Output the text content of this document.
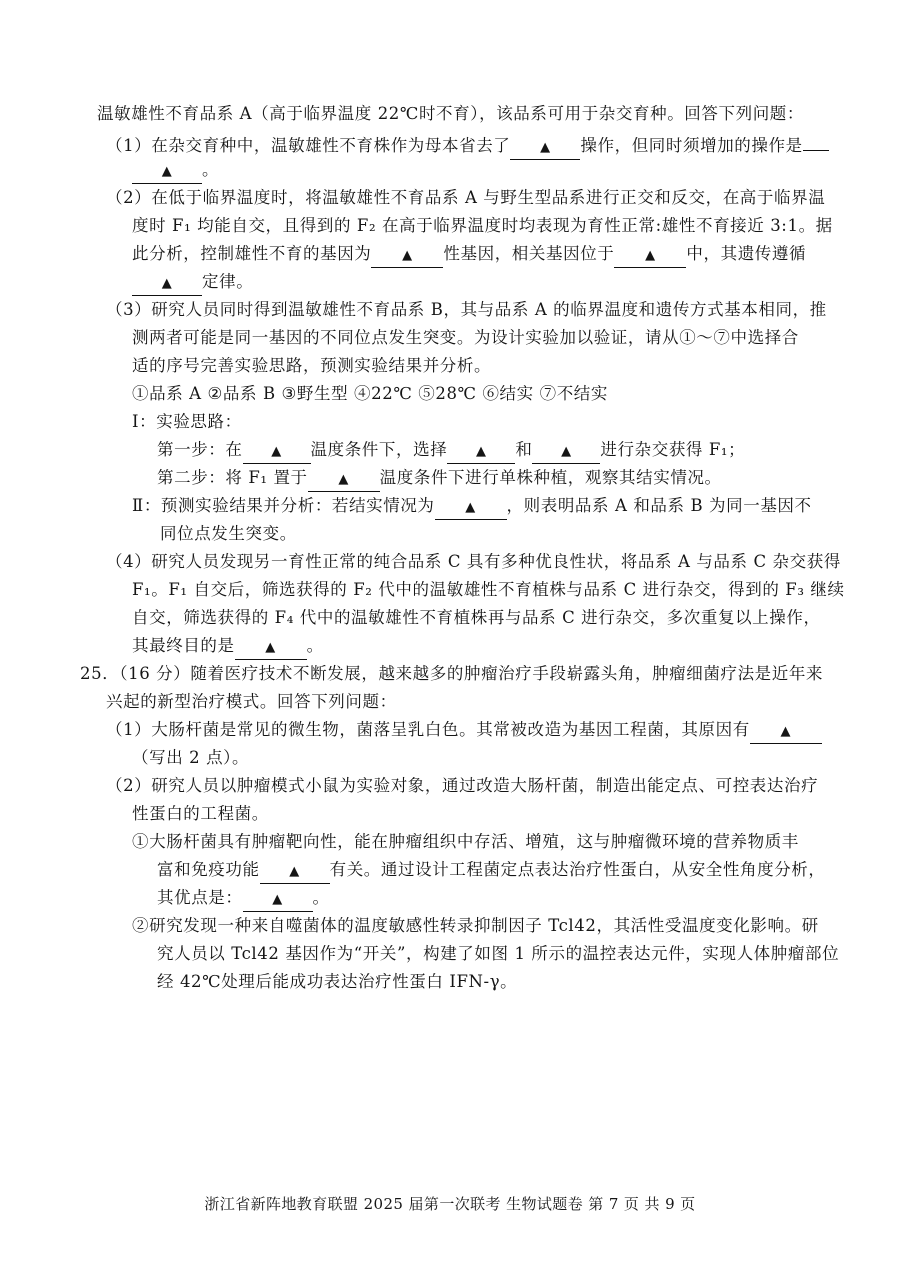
温敏雄性不育品系 A（高于临界温度 22℃时不育），该品系可用于杂交育种。回答下列问题：
（1）在杂交育种中，温敏雄性不育株作为母本省去了 ▲ 操作，但同时须增加的操作是
▲ 。
（2）在低于临界温度时，将温敏雄性不育品系 A 与野生型品系进行正交和反交，在高于临界温
度时 F₁ 均能自交，且得到的 F₂ 在高于临界温度时均表现为育性正常:雄性不育接近 3:1。据
此分析，控制雄性不育的基因为 ▲ 性基因，相关基因位于 ▲ 中，其遗传遵循
▲ 定律。
（3）研究人员同时得到温敏雄性不育品系 B，其与品系 A 的临界温度和遗传方式基本相同，推
测两者可能是同一基因的不同位点发生突变。为设计实验加以验证，请从①～⑦中选择合
适的序号完善实验思路，预测实验结果并分析。
①品系 A ②品系 B ③野生型 ④22℃ ⑤28℃ ⑥结实 ⑦不结实
Ⅰ：实验思路：
第一步：在 ▲ 温度条件下，选择 ▲ 和 ▲ 进行杂交获得 F₁；
第二步：将 F₁ 置于 ▲ 温度条件下进行单株种植，观察其结实情况。
Ⅱ：预测实验结果并分析：若结实情况为 ▲ ，则表明品系 A 和品系 B 为同一基因不
同位点发生突变。
（4）研究人员发现另一育性正常的纯合品系 C 具有多种优良性状，将品系 A 与品系 C 杂交获得
F₁。F₁ 自交后，筛选获得的 F₂ 代中的温敏雄性不育植株与品系 C 进行杂交，得到的 F₃ 继续
自交，筛选获得的 F₄ 代中的温敏雄性不育植株再与品系 C 进行杂交，多次重复以上操作，
其最终目的是 ▲ 。
25．（16 分）随着医疗技术不断发展，越来越多的肿瘤治疗手段崭露头角，肿瘤细菌疗法是近年来
兴起的新型治疗模式。回答下列问题：
（1）大肠杆菌是常见的微生物，菌落呈乳白色。其常被改造为基因工程菌，其原因有 ▲
（写出 2 点）。
（2）研究人员以肿瘤模式小鼠为实验对象，通过改造大肠杆菌，制造出能定点、可控表达治疗
性蛋白的工程菌。
①大肠杆菌具有肿瘤靶向性，能在肿瘤组织中存活、增殖，这与肿瘤微环境的营养物质丰
富和免疫功能 ▲ 有关。通过设计工程菌定点表达治疗性蛋白，从安全性角度分析，
其优点是： ▲ 。
②研究发现一种来自噬菌体的温度敏感性转录抑制因子 Tcl42，其活性受温度变化影响。研
究人员以 Tcl42 基因作为“开关”，构建了如图 1 所示的温控表达元件，实现人体肿瘤部位
经 42℃处理后能成功表达治疗性蛋白 IFN-γ。
浙江省新阵地教育联盟 2025 届第一次联考 生物试题卷 第 7 页 共 9 页
